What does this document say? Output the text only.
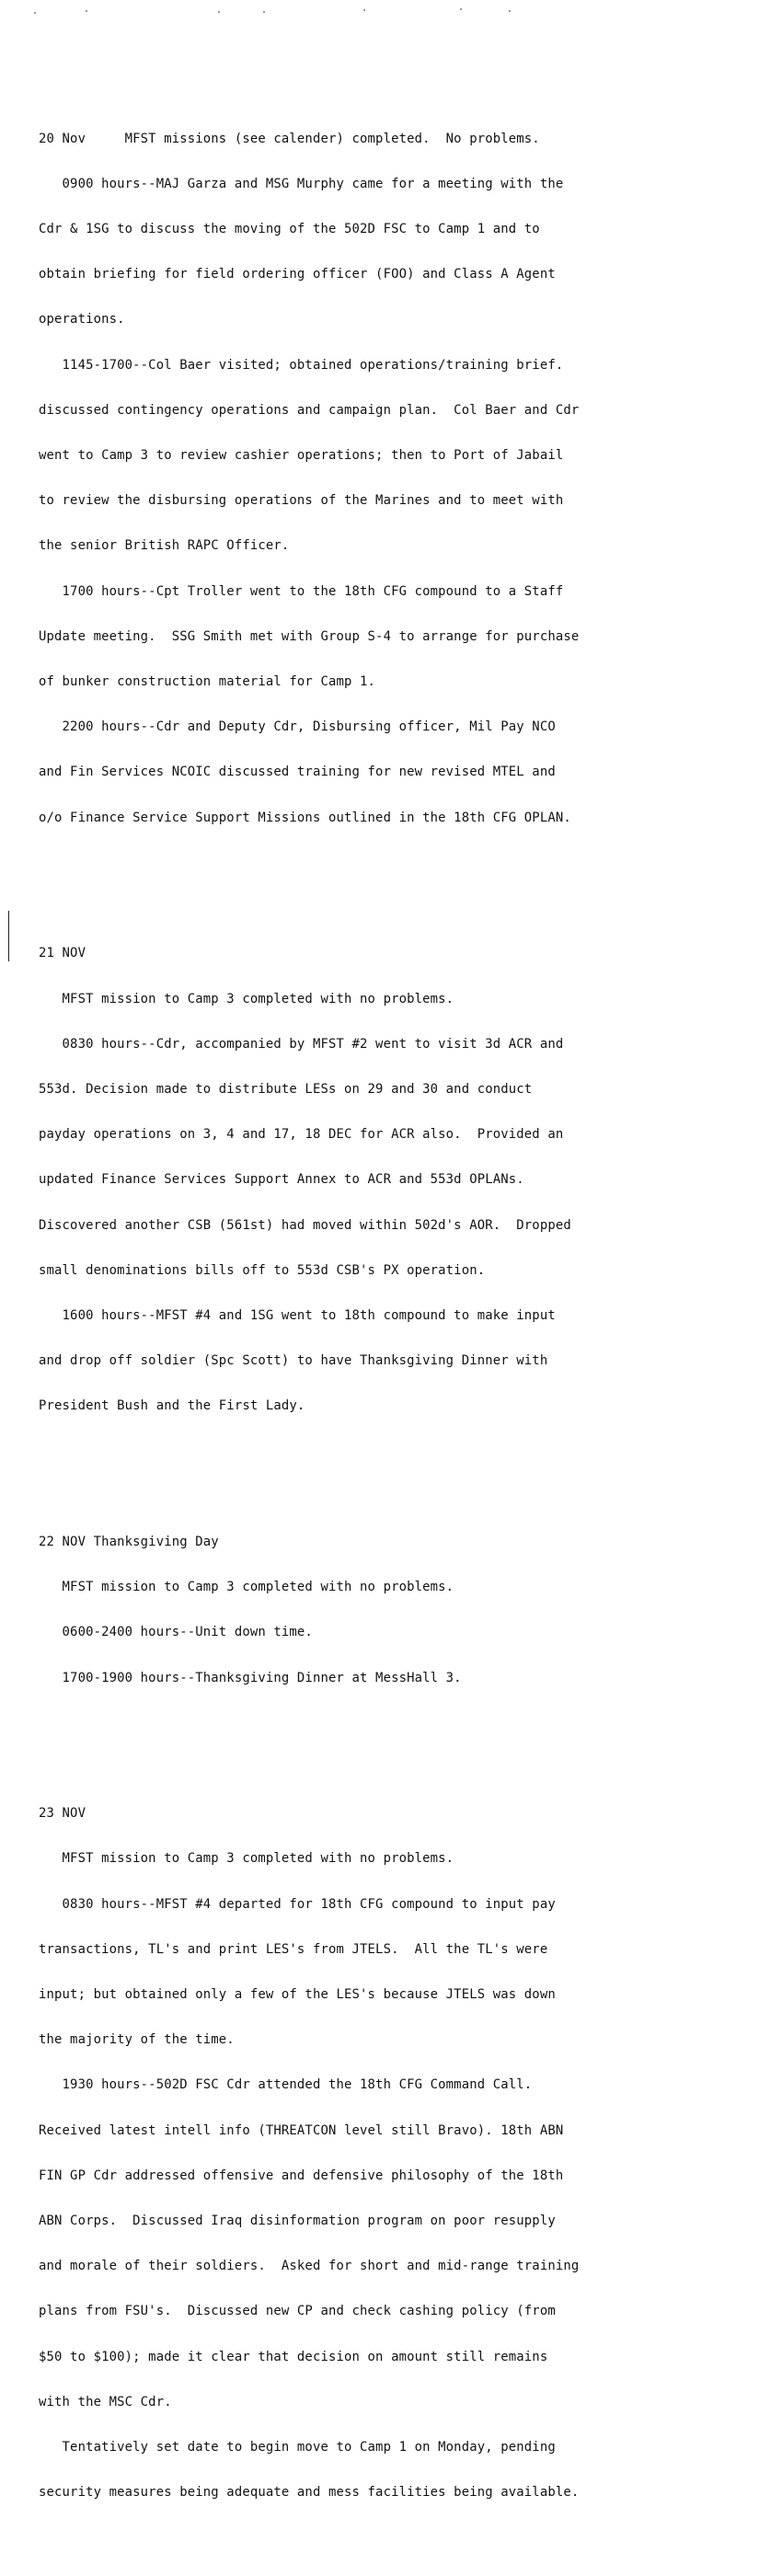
20 Nov     MFST missions (see calender) completed.  No problems.

0900 hours--MAJ Garza and MSG Murphy came for a meeting with the

Cdr & 1SG to discuss the moving of the 502D FSC to Camp 1 and to

obtain briefing for field ordering officer (FOO) and Class A Agent

operations.

1145-1700--Col Baer visited; obtained operations/training brief.

discussed contingency operations and campaign plan.  Col Baer and Cdr

went to Camp 3 to review cashier operations; then to Port of Jabail

to review the disbursing operations of the Marines and to meet with

the senior British RAPC Officer.

1700 hours--Cpt Troller went to the 18th CFG compound to a Staff

Update meeting.  SSG Smith met with Group S-4 to arrange for purchase

of bunker construction material for Camp 1.

2200 hours--Cdr and Deputy Cdr, Disbursing officer, Mil Pay NCO

and Fin Services NCOIC discussed training for new revised MTEL and

o/o Finance Service Support Missions outlined in the 18th CFG OPLAN.

21 NOV

MFST mission to Camp 3 completed with no problems.

0830 hours--Cdr, accompanied by MFST #2 went to visit 3d ACR and

553d. Decision made to distribute LESs on 29 and 30 and conduct

payday operations on 3, 4 and 17, 18 DEC for ACR also.  Provided an

updated Finance Services Support Annex to ACR and 553d OPLANs.

Discovered another CSB (561st) had moved within 502d's AOR.  Dropped

small denominations bills off to 553d CSB's PX operation.

1600 hours--MFST #4 and 1SG went to 18th compound to make input

and drop off soldier (Spc Scott) to have Thanksgiving Dinner with

President Bush and the First Lady.

22 NOV Thanksgiving Day

MFST mission to Camp 3 completed with no problems.

0600-2400 hours--Unit down time.

1700-1900 hours--Thanksgiving Dinner at MessHall 3.

23 NOV

MFST mission to Camp 3 completed with no problems.

0830 hours--MFST #4 departed for 18th CFG compound to input pay

transactions, TL's and print LES's from JTELS.  All the TL's were

input; but obtained only a few of the LES's because JTELS was down

the majority of the time.

1930 hours--502D FSC Cdr attended the 18th CFG Command Call.

Received latest intell info (THREATCON level still Bravo). 18th ABN

FIN GP Cdr addressed offensive and defensive philosophy of the 18th

ABN Corps.  Discussed Iraq disinformation program on poor resupply

and morale of their soldiers.  Asked for short and mid-range training

plans from FSU's.  Discussed new CP and check cashing policy (from

$50 to $100); made it clear that decision on amount still remains

with the MSC Cdr.

Tentatively set date to begin move to Camp 1 on Monday, pending

security measures being adequate and mess facilities being available.
